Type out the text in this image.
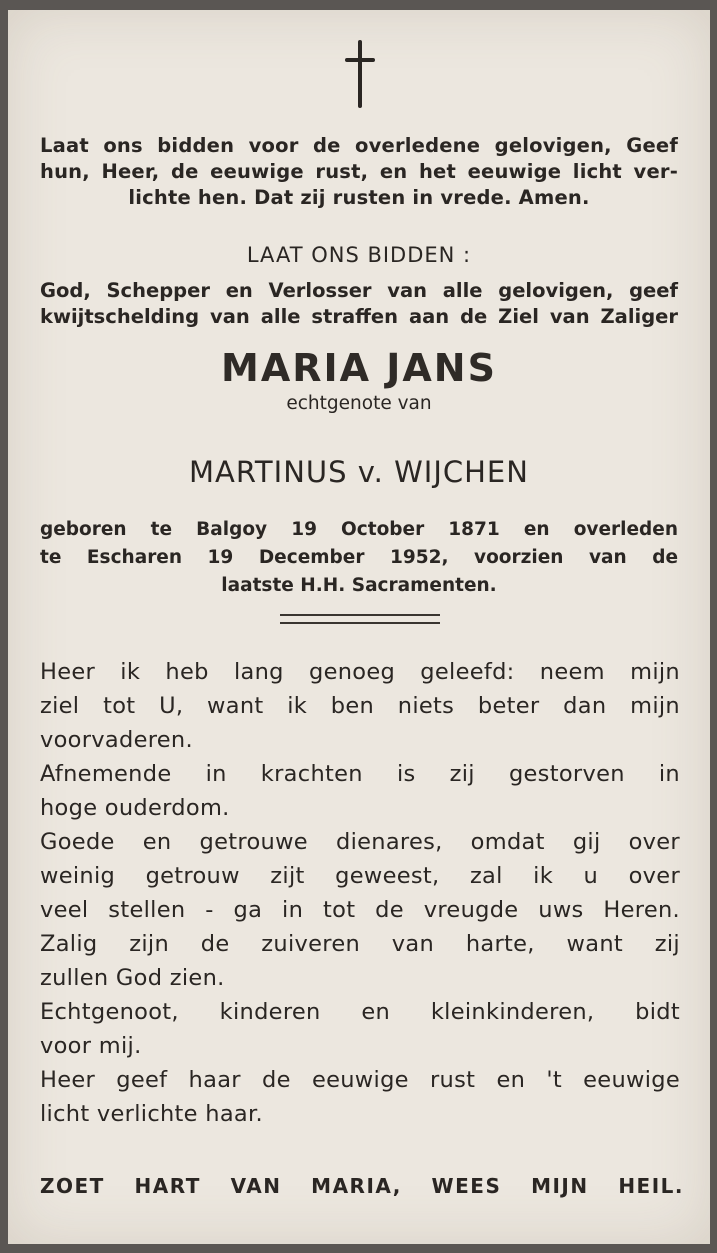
Laat ons bidden voor de overledene gelovigen, Geef
hun, Heer, de eeuwige rust, en het eeuwige licht ver-
lichte hen. Dat zij rusten in vrede. Amen.
LAAT ONS BIDDEN :
God, Schepper en Verlosser van alle gelovigen, geef
kwijtschelding van alle straffen aan de Ziel van Zaliger
MARIA JANS
echtgenote van
MARTINUS v. WIJCHEN
geboren te Balgoy 19 October 1871 en overleden
te Escharen 19 December 1952, voorzien van de
laatste H.H. Sacramenten.
Heer ik heb lang genoeg geleefd: neem mijn
ziel tot U, want ik ben niets beter dan mijn
voorvaderen.
Afnemende in krachten is zij gestorven in
hoge ouderdom.
Goede en getrouwe dienares, omdat gij over
weinig getrouw zijt geweest, zal ik u over
veel stellen - ga in tot de vreugde uws Heren.
Zalig zijn de zuiveren van harte, want zij
zullen God zien.
Echtgenoot, kinderen en kleinkinderen, bidt
voor mij.
Heer geef haar de eeuwige rust en 't eeuwige
licht verlichte haar.
ZOET HART VAN MARIA, WEES MIJN HEIL.
